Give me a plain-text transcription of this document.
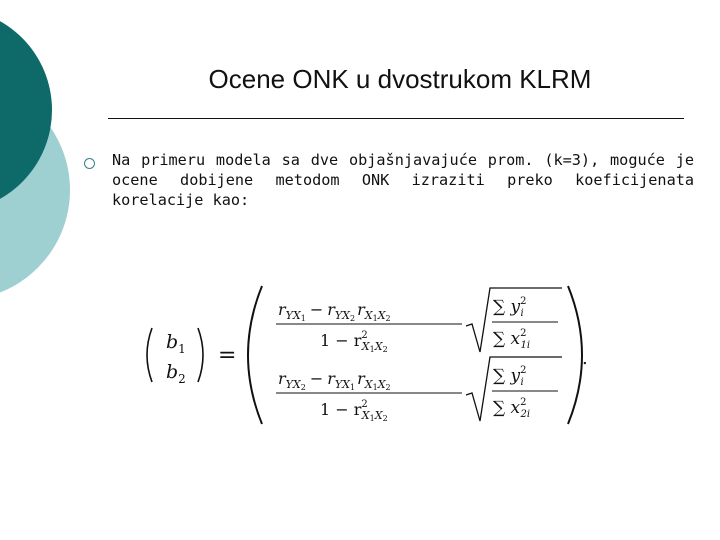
Ocene ONK u dvostrukom KLRM
Na primeru modela sa dve objašnjavajuće prom. (k=3), moguće je ocene dobijene metodom ONK izraziti preko koeficijenata korelacije kao:
$b_1$
$b_2$
=
$r_{YX}1 - r_{YX}2$ $r_X1X2$
$1 - r^2$ X1X2
∑ $y^2$ i
∑ $x^2$ 1i
$r_{YX}2 - r_{YX}1$ $r_X1X2$
$1 - r^2$ X1X2
∑ $y^2$ i
∑ $x^2$ 2i
.
